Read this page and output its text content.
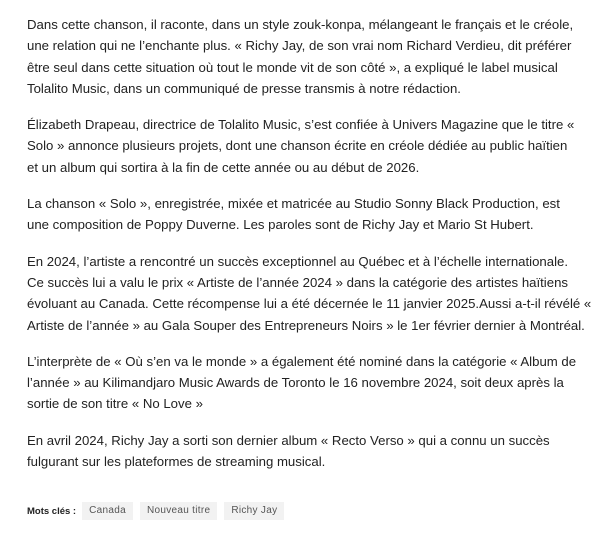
Dans cette chanson, il raconte, dans un style zouk-konpa, mélangeant le français et le créole,
une relation qui ne l’enchante plus. « Richy Jay, de son vrai nom Richard Verdieu, dit préférer
être seul dans cette situation où tout le monde vit de son côté », a expliqué le label musical
Tolalito Music, dans un communiqué de presse transmis à notre rédaction.

Élizabeth Drapeau, directrice de Tolalito Music, s’est confiée à Univers Magazine que le titre «
Solo » annonce plusieurs projets, dont une chanson écrite en créole dédiée au public haïtien
et un album qui sortira à la fin de cette année ou au début de 2026.

La chanson « Solo », enregistrée, mixée et matricée au Studio Sonny Black Production, est
une composition de Poppy Duverne. Les paroles sont de Richy Jay et Mario St Hubert.

En 2024, l’artiste a rencontré un succès exceptionnel au Québec et à l’échelle internationale.
Ce succès lui a valu le prix « Artiste de l’année 2024 » dans la catégorie des artistes haïtiens
évoluant au Canada. Cette récompense lui a été décernée le 11 janvier 2025.Aussi a-t-il révélé «
Artiste de l’année » au Gala Souper des Entrepreneurs Noirs » le 1er février dernier à Montréal.

L’interprète de « Où s’en va le monde » a également été nominé dans la catégorie « Album de
l’année » au Kilimandjaro Music Awards de Toronto le 16 novembre 2024, soit deux après la
sortie de son titre « No Love »

En avril 2024, Richy Jay a sorti son dernier album « Recto Verso » qui a connu un succès
fulgurant sur les plateformes de streaming musical.

Mots clés :	Canada	Nouveau titre	Richy Jay
